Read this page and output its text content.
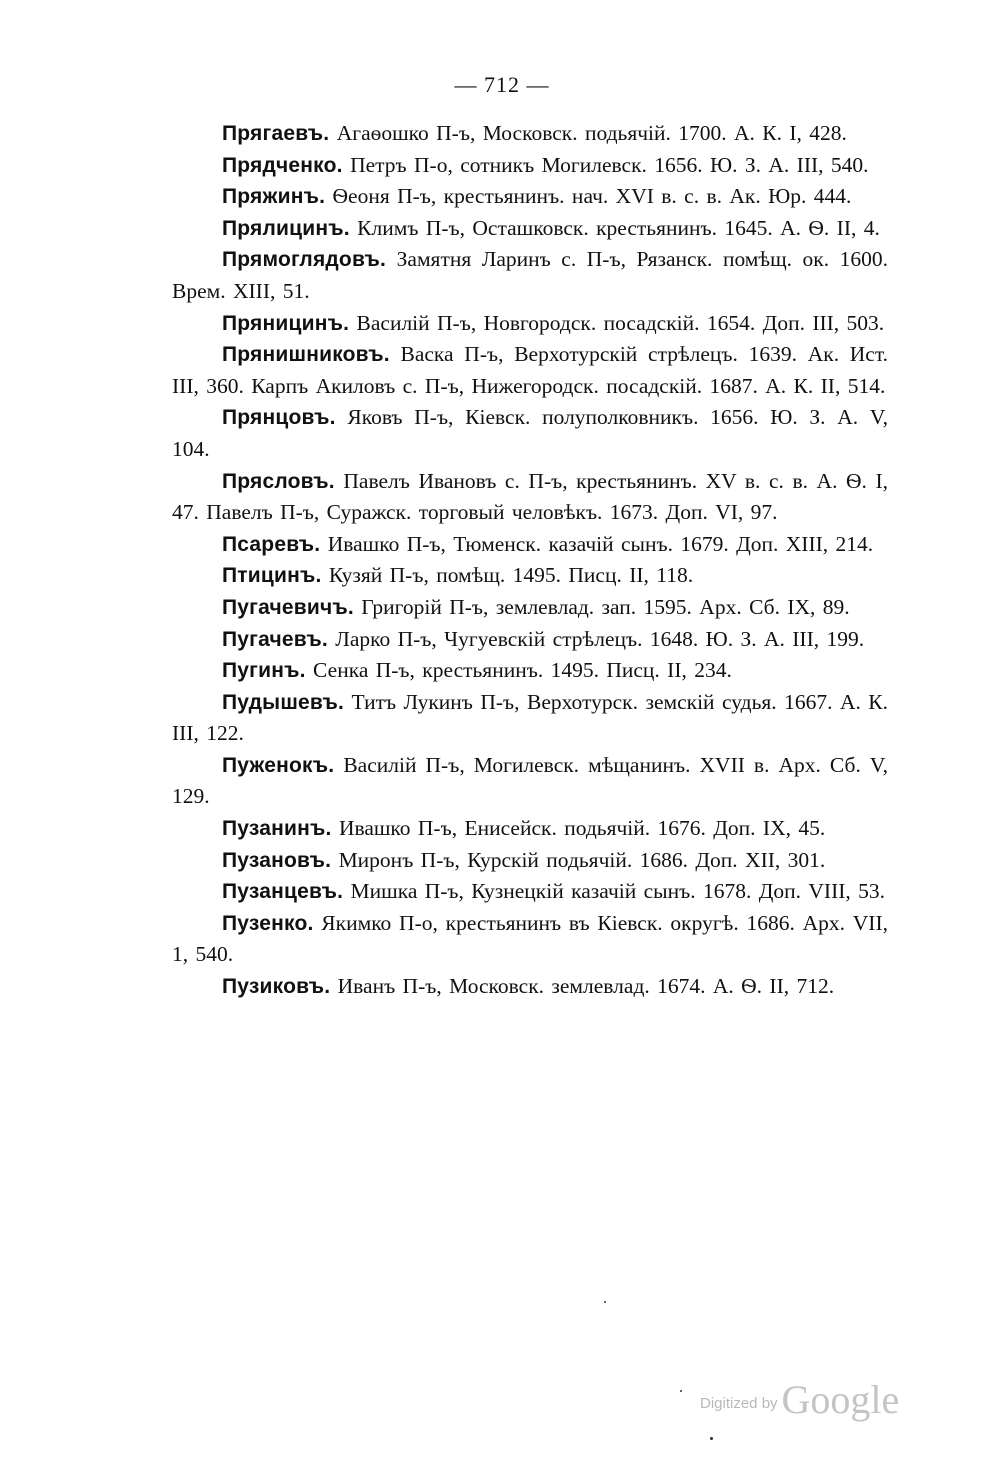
— 712 —

Прягаевъ. Агаѳошко П-ъ, Московск. подьячій. 1700. А. К. I, 428.

Прядченко. Петръ П-о, сотникъ Могилевск. 1656. Ю. З. А. III, 540.

Пряжинъ. Ѳеоня П-ъ, крестьянинъ. нач. XVI в. с. в. Ак. Юр. 444.

Прялицинъ. Климъ П-ъ, Осташковск. крестьянинъ. 1645. А. Ѳ. II, 4.

Прямоглядовъ. Замятня Ларинъ с. П-ъ, Рязанск. помѣщ. ок. 1600. Врем. XIII, 51.

Пряницинъ. Василій П-ъ, Новгородск. посадскій. 1654. Доп. III, 503.

Прянишниковъ. Васка П-ъ, Верхотурскій стрѣлецъ. 1639. Ак. Ист. III, 360. Карпъ Акиловъ с. П-ъ, Нижегородск. посадскій. 1687. А. К. II, 514.

Прянцовъ. Яковъ П-ъ, Кіевск. полуполковникъ. 1656. Ю. З. А. V, 104.

Прясловъ. Павелъ Ивановъ с. П-ъ, крестьянинъ. XV в. с. в. А. Ѳ. I, 47. Павелъ П-ъ, Суражск. торговый человѣкъ. 1673. Доп. VI, 97.

Псаревъ. Ивашко П-ъ, Тюменск. казачій сынъ. 1679. Доп. XIII, 214.

Птицинъ. Кузяй П-ъ, помѣщ. 1495. Писц. II, 118.

Пугачевичъ. Григорій П-ъ, землевлад. зап. 1595. Арх. Сб. IX, 89.

Пугачевъ. Ларко П-ъ, Чугуевскій стрѣлецъ. 1648. Ю. З. А. III, 199.

Пугинъ. Сенка П-ъ, крестьянинъ. 1495. Писц. II, 234.

Пудышевъ. Титъ Лукинъ П-ъ, Верхотурск. земскій судья. 1667. А. К. III, 122.

Пуженокъ. Василій П-ъ, Могилевск. мѣщанинъ. XVII в. Арх. Сб. V, 129.

Пузанинъ. Ивашко П-ъ, Енисейск. подьячій. 1676. Доп. IX, 45.

Пузановъ. Миронъ П-ъ, Курскій подьячій. 1686. Доп. XII, 301.

Пузанцевъ. Мишка П-ъ, Кузнецкій казачій сынъ. 1678. Доп. VIII, 53.

Пузенко. Якимко П-о, крестьянинъ въ Кіевск. округѣ. 1686. Арх. VII, 1, 540.

Пузиковъ. Иванъ П-ъ, Московск. землевлад. 1674. А. Ѳ. II, 712.

Digitized by Google
